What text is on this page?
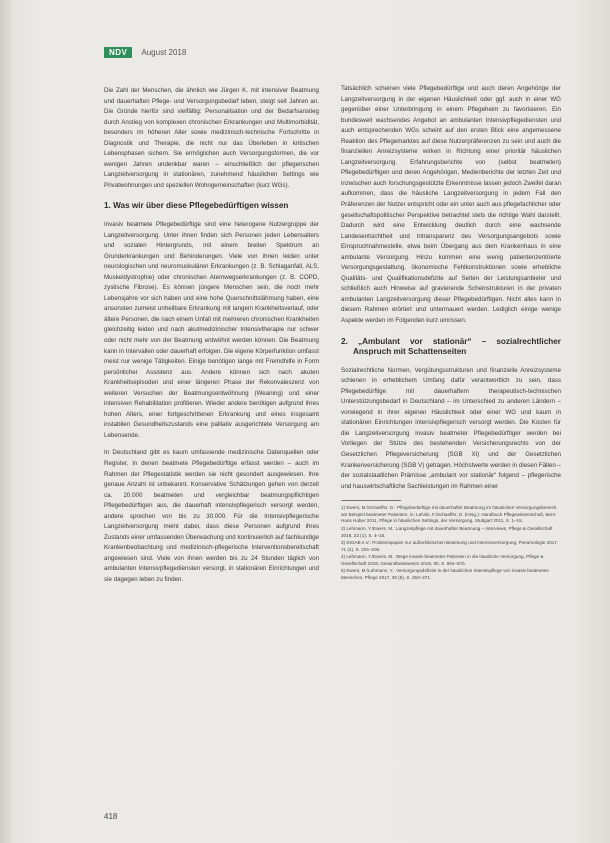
NDV	August 2018

Die Zahl der Menschen, die ähnlich wie Jürgen K. mit intensiver Beatmung und dauerhaften Pflege- und Versorgungsbedarf leben, steigt seit Jahren an. Die Gründe hierfür sind vielfältig: Personalisation und der Bedarfsanstieg durch Anstieg von komplexen chronischen Erkrankungen und Multimorbidität, besonders im höheren Alter sowie medizinisch-technische Fortschritte in Diagnostik und Therapie, die nicht nur das Überleben in kritischen Lebensphasen sichern. Sie ermöglichen auch Versorgungsformen, die vor wenigen Jahren undenkbar waren – einschließlich der pflegerischen Langzeitversorgung in stationären, zunehmend häuslichen Settings wie Privatwohnungen und speziellen Wohngemeinschaften (kurz WGs).

1. Was wir über diese Pflegebedürftigen wissen

Invasiv beatmete Pflegebedürftige sind eine heterogene Nutzergruppe der Langzeitversorgung. Unter ihnen finden sich Personen jeden Lebensalters und sozialen Hintergrunds, mit einem breiten Spektrum an Grunderkrankungen und Behinderungen. Viele von ihnen leiden unter neurologischen und neuromuskulären Erkrankungen (z. B. Schlaganfall, ALS, Muskeldystrophie) oder chronischen Atemwegserkrankungen (z. B. COPD, zystische Fibrose). Es können jüngere Menschen sein, die noch mehr Lebensjahre vor sich haben und eine hohe Querschnittslähmung haben, eine ansonsten zumeist unheilbare Erkrankung mit langem Krankheitsverlauf, oder ältere Personen, die nach einem Unfall mit mehreren chronischen Krankheiten gleichzeitig leiden und nach akutmedizinischer Intensivtherapie nur schwer oder nicht mehr von der Beatmung entwöhnt werden können. Die Beatmung kann in Intervallen oder dauerhaft erfolgen. Die eigene Körperfunktion umfasst meist nur wenige Tätigkeiten. Einige benötigen lange mit Fremdhilfe in Form persönlicher Assistenz aus. Andere können sich nach akuten Krankheitsepisoden und einer längeren Phase der Rekonvaleszenz von weiteren Versuchen der Beatmungsentwöhnung (Weaning) und einer intensiven Rehabilitation profitieren. Wieder andere benötigen aufgrund ihres hohen Alters, einer fortgeschrittenen Erkrankung und eines insgesamt instabilen Gesundheitszustands eine palliativ ausgerichtete Versorgung am Lebensende.

In Deutschland gibt es kaum umfassende medizinische Datenquellen oder Register, in denen beatmete Pflegebedürftige erfasst werden – auch im Rahmen der Pflegestatistik werden sie nicht gesondert ausgewiesen. Ihre genaue Anzahl ist unbekannt. Konservative Schätzungen gehen von derzeit ca. 20.000 beatmeten und vergleichbar beatmungspflichtigen Pflegebedürftigen aus, die dauerhaft intensivpflegerisch versorgt werden, andere sprechen von bis zu 30.000. Für die Intensivpflegerische Langzeitversorgung meint dabei, dass diese Personen aufgrund ihres Zustands einer umfassenden Überwachung und kontinuierlich auf fachkundige Krankenbeobachtung und medizinisch-pflegerische Interventionsbereitschaft angewiesen sind. Viele von ihnen werden bis zu 24 Stunden täglich von ambulanten Intensivpflegediensten versorgt, in stationären Einrichtungen und sie dagegen leben zu finden.

Tatsächlich scheinen viele Pflegebedürftige und auch deren Angehörige der Langzeitversorgung in der eigenen Häuslichkeit oder ggf. auch in einer WG gegenüber einer Unterbringung in einem Pflegeheim zu favorisieren. Ein bundesweit wachsendes Angebot an ambulanten Intensivpflegediensten und auch entsprechenden WGs scheint auf den ersten Blick eine angemessene Reaktion des Pflegemarktes auf diese Nutzerpräferenzen zu sein und auch die finanziellen Anreizsysteme wirken in Richtung einer prioritär häuslichen Langzeitversorgung. Erfahrungsberichte von (selbst beatmeten) Pflegebedürftigen und deren Angehörigen, Medienberichte der letzten Zeit und inzwischen auch forschungsgestützte Erkenntnisse lassen jedoch Zweifel daran aufkommen, dass die häusliche Langzeitversorgung in jedem Fall den Präferenzen der Nutzer entspricht oder ein unter auch aus pflegefachlicher oder gesellschaftspolitischer Perspektive betrachtet stets die richtige Wahl darstellt. Dadurch wird eine Entwicklung deutlich durch eine wachsende Landesentsichtheit und Intransparenz des Versorgungsangebots sowie Einspruchnahmestelle, etwa beim Übergang aus dem Krankenhaus in eine ambulante Versorgung. Hinzu kommen eine wenig patientenzentrierte Versorgungsgestaltung, ökonomische Fehlkonstruktionen sowie erhebliche Qualitäts- und Qualifikationsdefizite auf Seiten der Leistungsanbieter und schließlich auch Hinweise auf gravierende Scheinstrukturen in der privaten ambulanten Langzeitversorgung dieser Pflegebedürftigen. Nicht alles kann in diesem Rahmen erörtert und untermauert werden. Lediglich einige wenige Aspekte werden im Folgenden kurz umrissen.

2. „Ambulant vor stationär“ – sozialrechtlicher Anspruch mit Schattenseiten

Sozialrechtliche Normen, Vergütungsstrukturen und finanzielle Anreizsysteme schienen in erheblichem Umfang dafür verantwortlich zu sein, dass Pflegebedürftige mit dauerhaftem therapeutisch-technischen Unterstützungsbedarf in Deutschland – im Unterschied zu anderen Ländern – vorwiegend in ihrer eigenen Häuslichkeit oder einer WG und kaum in stationären Einrichtungen intensivpflegerisch versorgt werden. Die Kosten für die Langzeitversorgung invasiv beatmeter Pflegebedürftiger werden bei Vorliegen der Stütze des bestehenden Versicherungsrechts von der Gesetzlichen Pflegeversicherung (SGB XI) und der Gesetzlichen Krankenversicherung (SGB V) getragen. Höchstwerte werden in diesen Fällen – der sozialstaatlichen Prämisse „ambulant vor stationär“ folgend – pflegerische und hauswirtschaftliche Sachleistungen im Rahmen einer

1) Ewers, M./Schaeffer, D.: Pflegebedürftige mit dauerhafter Beatmung im häuslichen Versorgungsbereich am Beispiel beatmeter Patienten, in: Lehnik, F./Schaeffer, D. (Hrsg.): Handbuch Pflegewissenschaft, Bern: Hans Huber 2011, Pflege in häuslichen Settings, der Versorgung, Stuttgart 2011, S. 1–15.
2) Lehmann, Y./Ewers, M.: Langzeitpflege mit dauerhafter Beatmung – Interviews, Pflege & Gesellschaft 2018, 23 (1), S. 4–18.
3) DIGAB e.V.: Positionspapier zur außerklinischen Beatmung und Intensivversorgung, Pneumologie 2017, 71 (4), S. 204–206.
4) Lehmann, Y./Ewers, M.: Wege invasiv beatmeter Patienten in die häusliche Versorgung, Pflege & Gesellschaft 2018, Gesundheitswesen 2018, 80, S. 564–570.
5) Ewers, M./Lehmann, Y.: Versorgungsdefizite in der häuslichen Intensivpflege von invasiv beatmeten Menschen, Pflege 2017, 30 (5), S. 263–271.
418
